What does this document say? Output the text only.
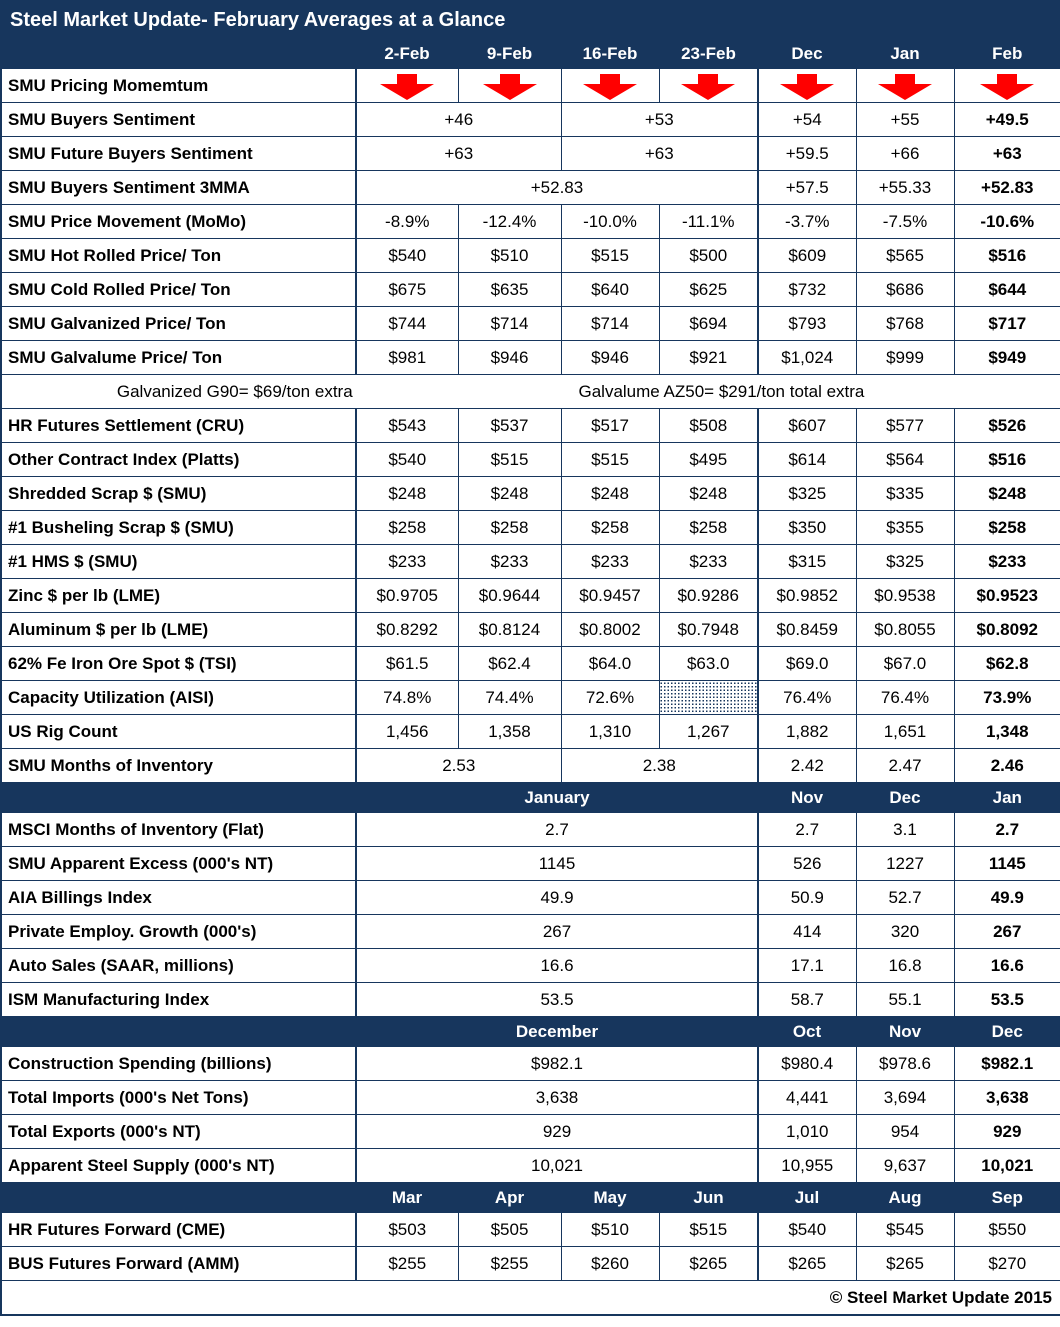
Steel Market Update- February Averages at a Glance							
	2-Feb	9-Feb	16-Feb	23-Feb	Dec	Jan	Feb
SMU Pricing Momemtum	

SMU Buyers Sentiment	+46		+53		+54	+55	+49.5
SMU Future Buyers Sentiment	+63		+63		+59.5	+66	+63
SMU Buyers Sentiment 3MMA	+52.83				+57.5	+55.33	+52.83
SMU Price Movement (MoMo)	-8.9%	-12.4%	-10.0%	-11.1%	-3.7%	-7.5%	-10.6%
SMU Hot Rolled Price/ Ton	$540	$510	$515	$500	$609	$565	$516
SMU Cold Rolled Price/ Ton	$675	$635	$640	$625	$732	$686	$644
SMU Galvanized Price/ Ton	$744	$714	$714	$694	$793	$768	$717
SMU Galvalume Price/ Ton	$981	$946	$946	$921	$1,024	$999	$949

Galvanized G90= $69/ton extra Galvalume AZ50= $291/ton total extra							

HR Futures Settlement (CRU)	$543	$537	$517	$508	$607	$577	$526
Other Contract Index (Platts)	$540	$515	$515	$495	$614	$564	$516
Shredded Scrap $ (SMU)	$248	$248	$248	$248	$325	$335	$248
#1 Busheling Scrap $ (SMU)	$258	$258	$258	$258	$350	$355	$258
#1 HMS $ (SMU)	$233	$233	$233	$233	$315	$325	$233
Zinc $ per lb (LME)	$0.9705	$0.9644	$0.9457	$0.9286	$0.9852	$0.9538	$0.9523
Aluminum $ per lb (LME)	$0.8292	$0.8124	$0.8002	$0.7948	$0.8459	$0.8055	$0.8092
62% Fe Iron Ore Spot $ (TSI)	$61.5	$62.4	$64.0	$63.0	$69.0	$67.0	$62.8
Capacity Utilization (AISI)	74.8%	74.4%	72.6%		76.4%	76.4%	73.9%
US Rig Count	1,456	1,358	1,310	1,267	1,882	1,651	1,348
SMU Months of Inventory	2.53		2.38		2.42	2.47	2.46
	January				Nov	Dec	Jan
MSCI Months of Inventory (Flat)	2.7				2.7	3.1	2.7
SMU Apparent Excess (000's NT)	1145				526	1227	1145
AIA Billings Index	49.9				50.9	52.7	49.9
Private Employ. Growth (000's)	267				414	320	267
Auto Sales (SAAR, millions)	16.6				17.1	16.8	16.6
ISM Manufacturing Index	53.5				58.7	55.1	53.5
	December				Oct	Nov	Dec
Construction Spending (billions)	$982.1				$980.4	$978.6	$982.1
Total Imports (000's Net Tons)	3,638				4,441	3,694	3,638
Total Exports (000's NT)	929				1,010	954	929
Apparent Steel Supply (000's NT)	10,021				10,955	9,637	10,021
	Mar	Apr	May	Jun	Jul	Aug	Sep
HR Futures Forward (CME)	$503	$505	$510	$515	$540	$545	$550
BUS Futures Forward (AMM)	$255	$255	$260	$265	$265	$265	$270
© Steel Market Update 2015							
